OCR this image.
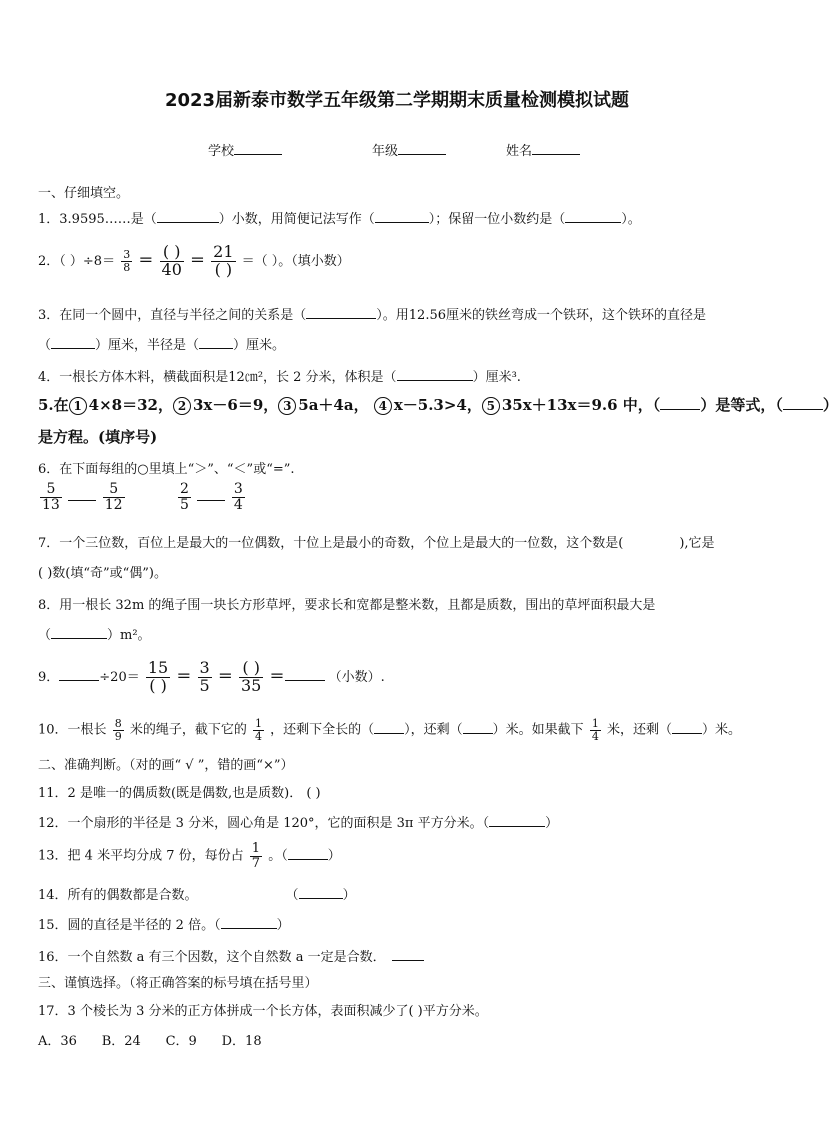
2023届新泰市数学五年级第二学期期末质量检测模拟试题
学校	年级	姓名
一、仔细填空。
1．3.9595……是（	）小数，用简便记法写作（	）；保留一位小数约是（	）。
2．（ ）$\div 8= \frac{3}{8} = \frac{( )}{40} = \frac{21}{( )}$ ＝（ ）。（填小数）
3．在同一个圆中，直径与半径之间的关系是（	）。用12.56厘米的铁丝弯成一个铁环，这个铁环的直径是
（	）厘米，半径是（	）厘米。
4．一根长方体木料，横截面积是12㎝²，长 2 分米，体积是（	）厘米³.
5.在 1 4×8＝32， 2 3x－6＝9， 3 5a＋4a， 4 x－5.3>4， 5 35x＋13x＝9.6 中，（	）是等式，（	）
是方程。(填序号)
6．在下面每组的○里填上“＞”、“＜”或“=”.
$\frac{5}{13}$
	$\frac{5}{12}$	$\frac{2}{5}$
	$\frac{3}{4}$
7．一个三位数，百位上是最大的一位偶数，十位上是最小的奇数，个位上是最大的一位数，这个数是(	),它是
( )数(填“奇”或“偶”)。
8．用一根长 32m 的绳子围一块长方形草坪，要求长和宽都是整米数，且都是质数，围出的草坪面积最大是
（	）m²。
9．	$\div 20= \frac{15}{( )} = \frac{3}{5} = \frac{( )}{35}$ ＝	（小数）.
10．一根长 $\frac{8}{9}$ 米的绳子，截下它的 $\frac{1}{4}$ ，还剩下全长的（ ），还剩（ ）米。如果截下 $\frac{1}{4}$ 米，还剩（ ）米。
二、准确判断。（对的画“ √ ”，错的画“×”）
11．2 是唯一的偶质数(既是偶数,也是质数)． ( )
12．一个扇形的半径是 3 分米，圆心角是 120°，它的面积是 3π 平方分米。（	）
13．把 4 米平均分成 7 份，每份占 $\frac{1}{7}$ 。（	）
14．所有的偶数都是合数。	（	）
15．圆的直径是半径的 2 倍。（	）
16．一个自然数 a 有三个因数，这个自然数 a 一定是合数．
三、谨慎选择。（将正确答案的标号填在括号里）
17．3 个棱长为 3 分米的正方体拼成一个长方体，表面积减少了( )平方分米。
A．36      B．24      C．9      D．18
